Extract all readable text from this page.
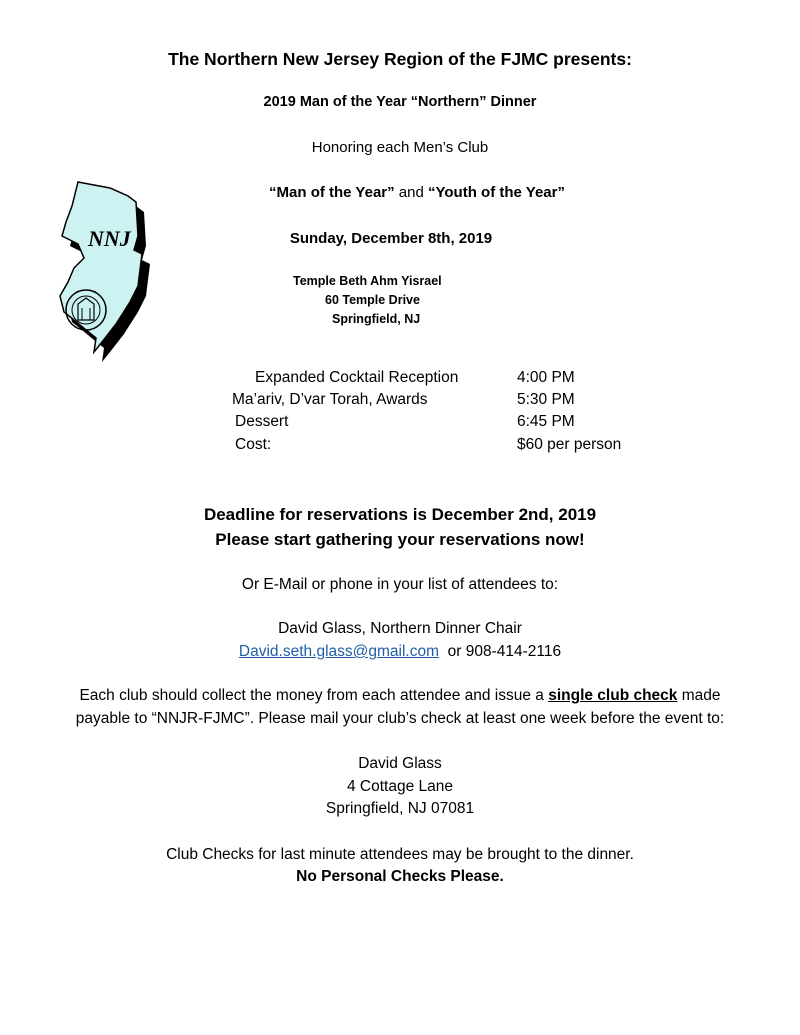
The Northern New Jersey Region of the FJMC presents:
2019 Man of the Year “Northern” Dinner
Honoring each Men’s Club
“Man of the Year” and “Youth of the Year”
Sunday, December 8th, 2019
NNJ
Temple Beth Ahm Yisrael
60 Temple Drive
Springfield, NJ
Expanded Cocktail Reception	4:00 PM
Ma’ariv, D’var Torah, Awards	5:30 PM
Dessert	6:45 PM
Cost:	$60 per person
Deadline for reservations is December 2nd, 2019
Please start gathering your reservations now!
Or E-Mail or phone in your list of attendees to:
David Glass, Northern Dinner Chair
David.seth.glass@gmail.com  or 908-414-2116
Each club should collect the money from each attendee and issue a single club check made
payable to “NNJR-FJMC”. Please mail your club’s check at least one week before the event to:
David Glass
4 Cottage Lane
Springfield, NJ 07081
Club Checks for last minute attendees may be brought to the dinner.
No Personal Checks Please.
